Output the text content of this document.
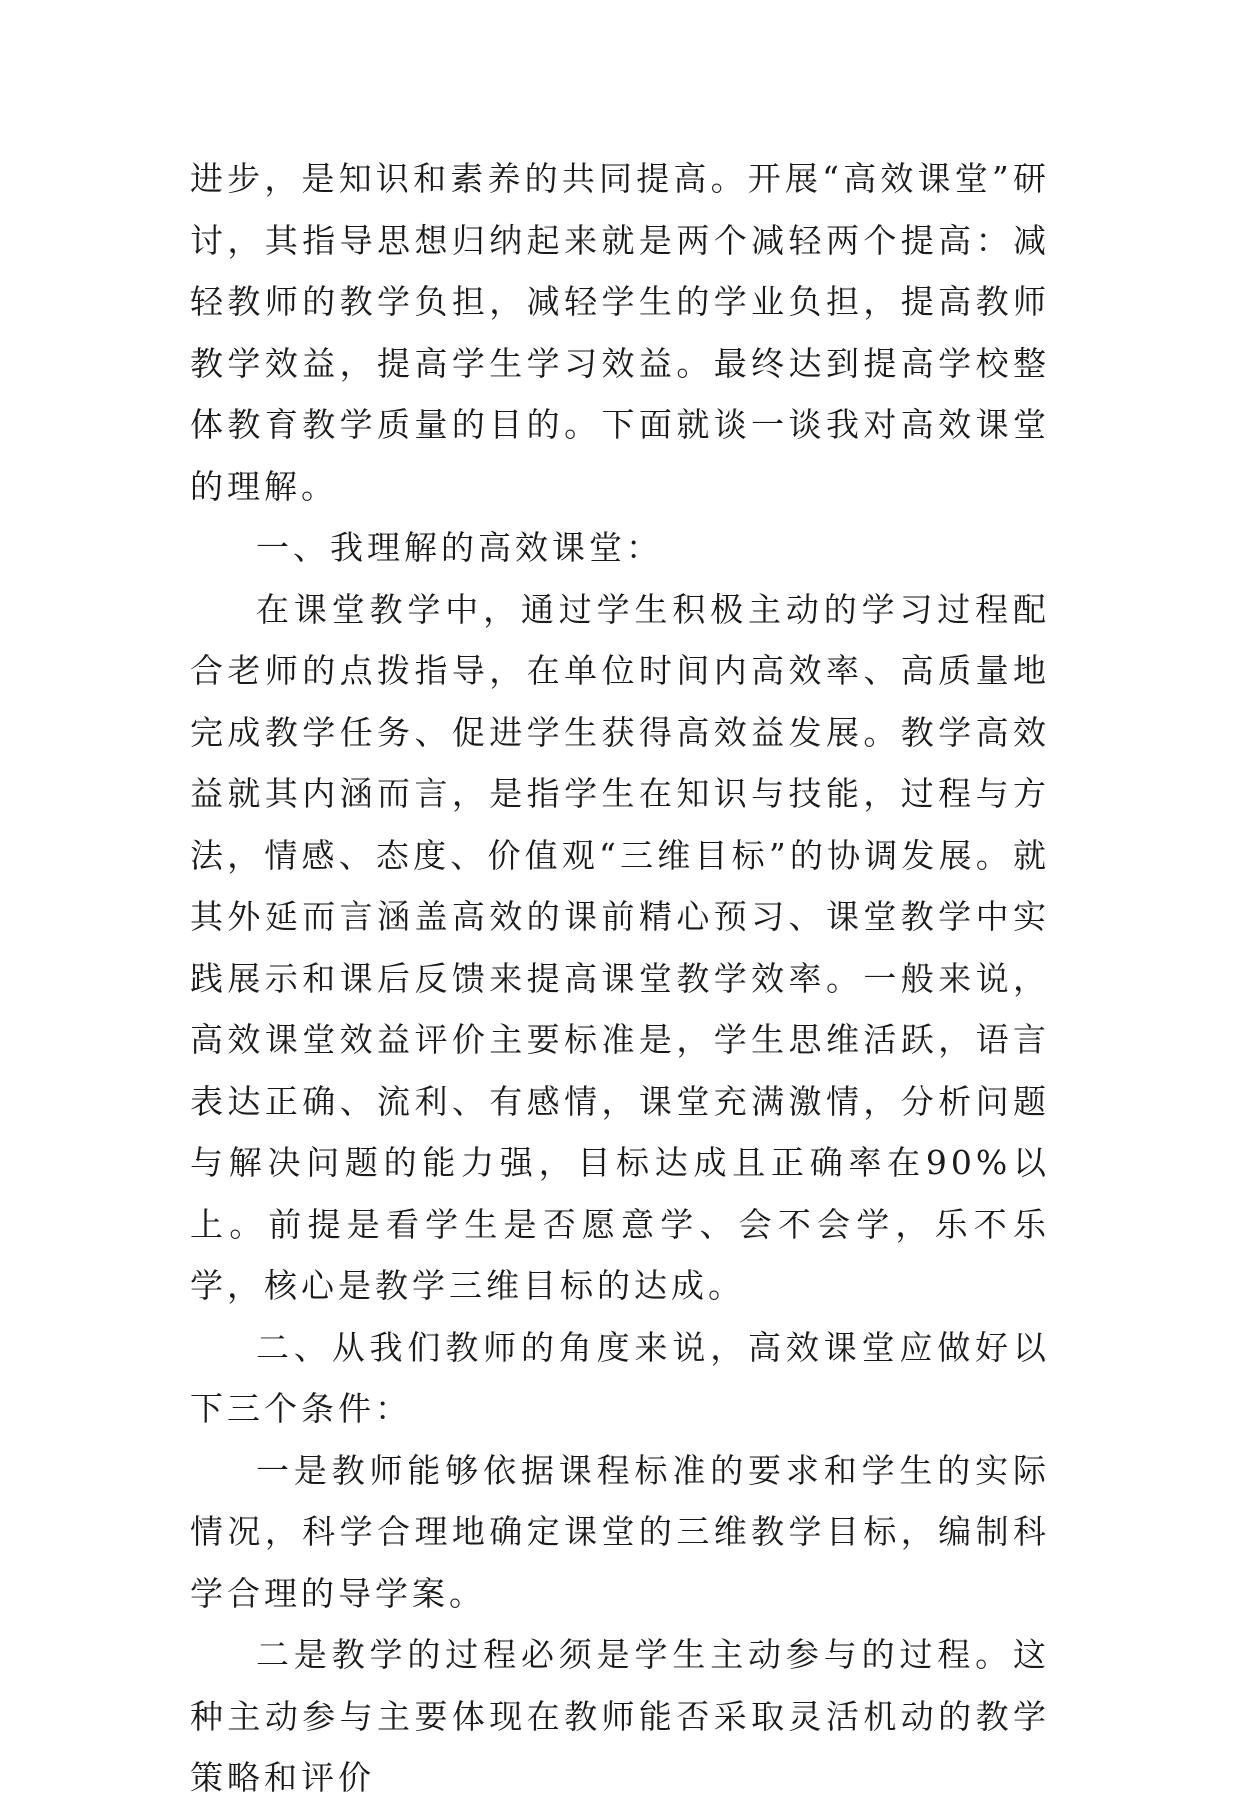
进步，是知识和素养的共同提高。开展“高效课堂”研讨，其指导思想归纳起来就是两个减轻两个提高：减轻教师的教学负担，减轻学生的学业负担，提高教师教学效益，提高学生学习效益。最终达到提高学校整体教育教学质量的目的。下面就谈一谈我对高效课堂的理解。

一、我理解的高效课堂：

在课堂教学中，通过学生积极主动的学习过程配合老师的点拨指导，在单位时间内高效率、高质量地完成教学任务、促进学生获得高效益发展。教学高效益就其内涵而言，是指学生在知识与技能，过程与方法，情感、态度、价值观“三维目标”的协调发展。就其外延而言涵盖高效的课前精心预习、课堂教学中实践展示和课后反馈来提高课堂教学效率。一般来说，高效课堂效益评价主要标准是，学生思维活跃，语言表达正确、流利、有感情，课堂充满激情，分析问题与解决问题的能力强，目标达成且正确率在90%以上。前提是看学生是否愿意学、会不会学，乐不乐学，核心是教学三维目标的达成。

二、从我们教师的角度来说，高效课堂应做好以下三个条件：

一是教师能够依据课程标准的要求和学生的实际情况，科学合理地确定课堂的三维教学目标，编制科学合理的导学案。

二是教学的过程必须是学生主动参与的过程。这种主动参与主要体现在教师能否采取灵活机动的教学策略和评价
